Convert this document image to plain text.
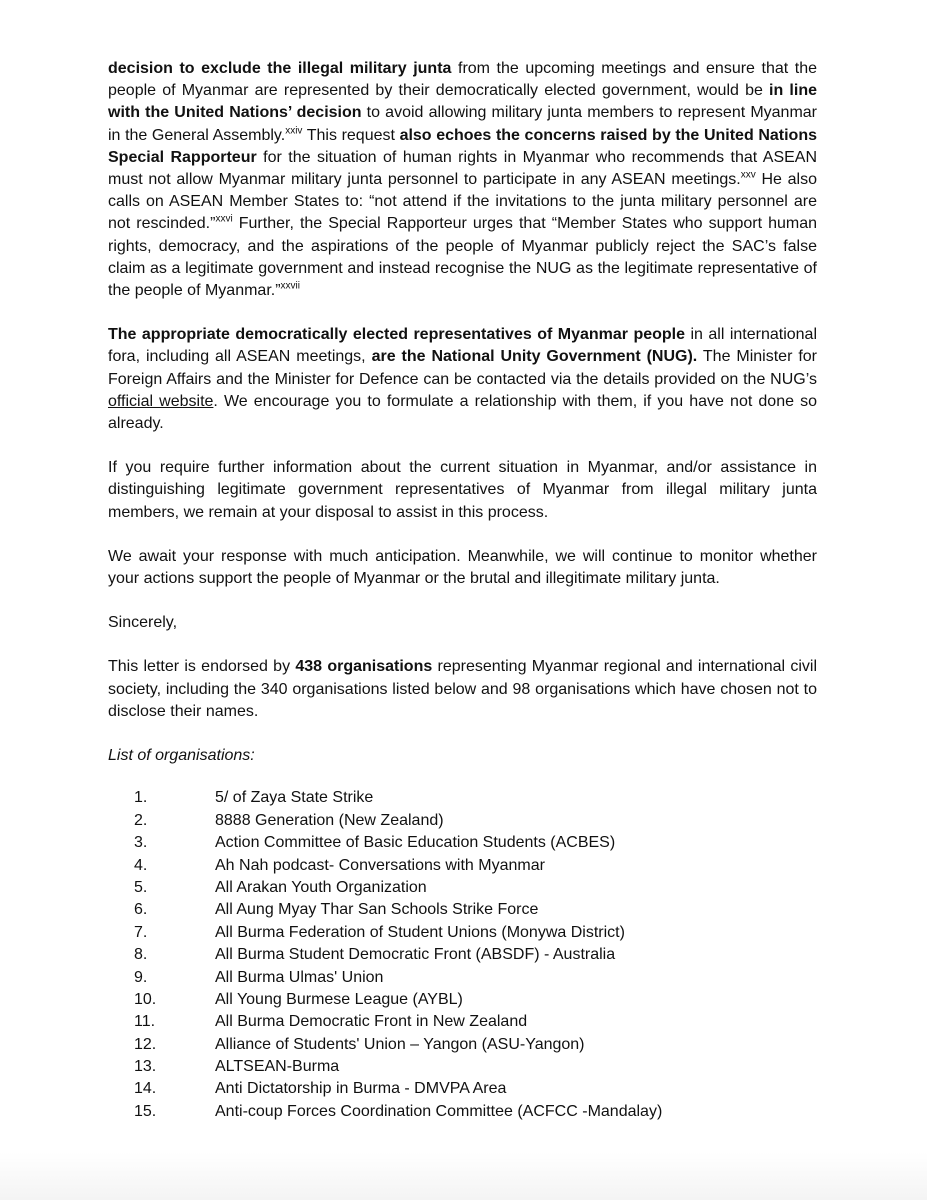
decision to exclude the illegal military junta from the upcoming meetings and ensure that the people of Myanmar are represented by their democratically elected government, would be in line with the United Nations’ decision to avoid allowing military junta members to represent Myanmar in the General Assembly.$^{xxiv}$ This request also echoes the concerns raised by the United Nations Special Rapporteur for the situation of human rights in Myanmar who recommends that ASEAN must not allow Myanmar military junta personnel to participate in any ASEAN meetings.$^{xxv}$ He also calls on ASEAN Member States to: “not attend if the invitations to the junta military personnel are not rescinded.”$^{xxvi}$ Further, the Special Rapporteur urges that “Member States who support human rights, democracy, and the aspirations of the people of Myanmar publicly reject the SAC’s false claim as a legitimate government and instead recognise the NUG as the legitimate representative of the people of Myanmar.”$^{xxvii}$

The appropriate democratically elected representatives of Myanmar people in all international fora, including all ASEAN meetings, are the National Unity Government (NUG). The Minister for Foreign Affairs and the Minister for Defence can be contacted via the details provided on the NUG’s official website. We encourage you to formulate a relationship with them, if you have not done so already.

If you require further information about the current situation in Myanmar, and/or assistance in distinguishing legitimate government representatives of Myanmar from illegal military junta members, we remain at your disposal to assist in this process.

We await your response with much anticipation. Meanwhile, we will continue to monitor whether your actions support the people of Myanmar or the brutal and illegitimate military junta.

Sincerely,

This letter is endorsed by 438 organisations representing Myanmar regional and international civil society, including the 340 organisations listed below and 98 organisations which have chosen not to disclose their names.

List of organisations:

1.	5/ of Zaya State Strike
2.	8888 Generation (New Zealand)
3.	Action Committee of Basic Education Students (ACBES)
4.	Ah Nah podcast- Conversations with Myanmar
5.	All Arakan Youth Organization
6.	All Aung Myay Thar San Schools Strike Force
7.	All Burma Federation of Student Unions (Monywa District)
8.	All Burma Student Democratic Front (ABSDF) - Australia
9.	All Burma Ulmas' Union
10.	All Young Burmese League (AYBL)
11.	All Burma Democratic Front in New Zealand
12.	Alliance of Students' Union – Yangon (ASU-Yangon)
13.	ALTSEAN-Burma
14.	Anti Dictatorship in Burma - DMVPA Area
15.	Anti-coup Forces Coordination Committee (ACFCC -Mandalay)
